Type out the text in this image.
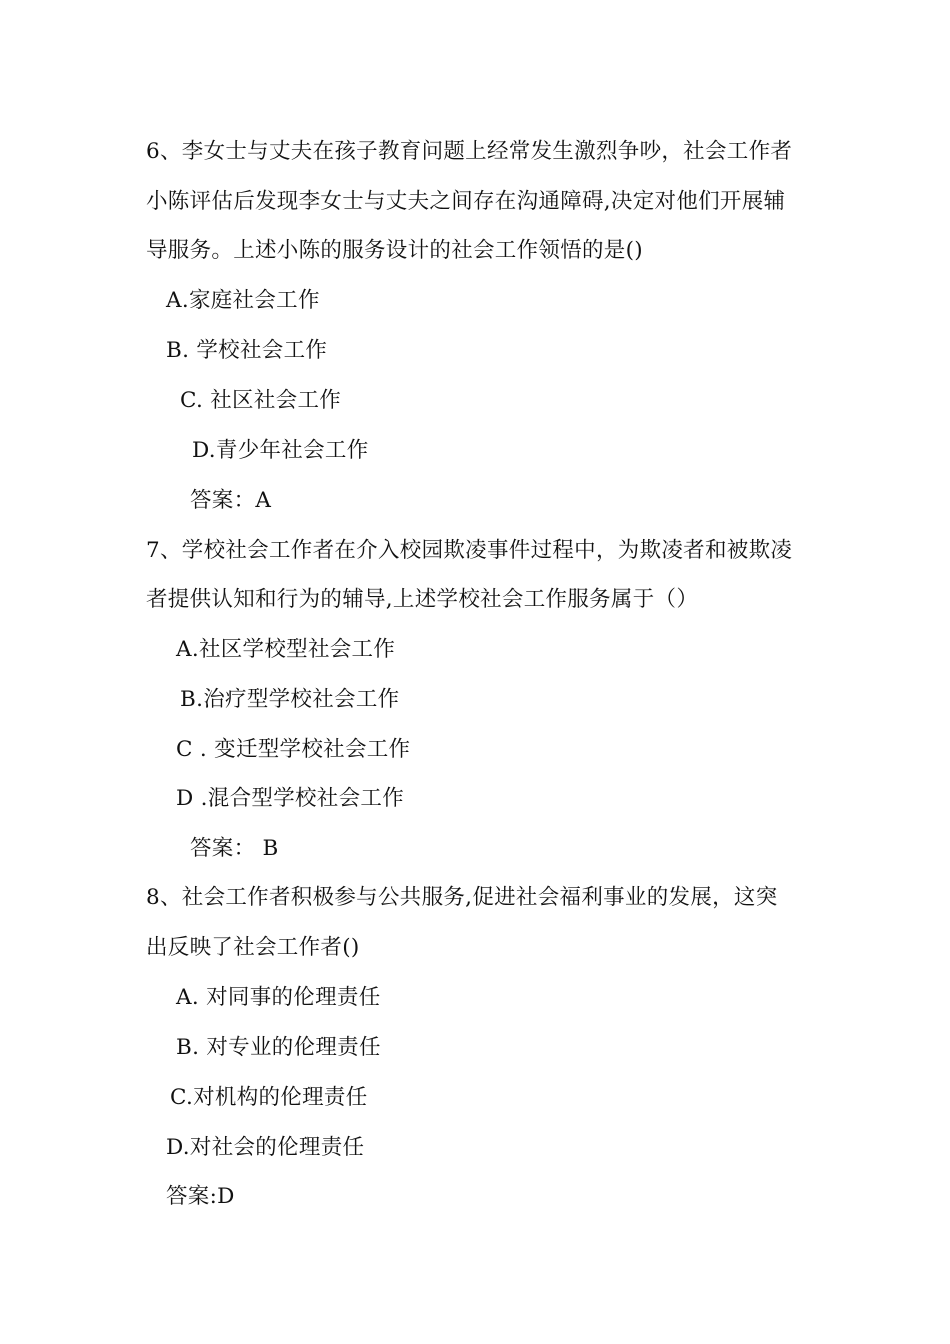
6、李女士与丈夫在孩子教育问题上经常发生激烈争吵，社会工作者
小陈评估后发现李女士与丈夫之间存在沟通障碍,决定对他们开展辅
导服务。上述小陈的服务设计的社会工作领悟的是()
A.家庭社会工作
B. 学校社会工作
C. 社区社会工作
D.青少年社会工作
答案：A
7、学校社会工作者在介入校园欺凌事件过程中，为欺凌者和被欺凌
者提供认知和行为的辅导,上述学校社会工作服务属于（）
A.社区学校型社会工作
B.治疗型学校社会工作
C . 变迁型学校社会工作
D .混合型学校社会工作
答案： B
8、社会工作者积极参与公共服务,促进社会福利事业的发展，这突
出反映了社会工作者()
A. 对同事的伦理责任
B. 对专业的伦理责任
C.对机构的伦理责任
D.对社会的伦理责任
答案:D
